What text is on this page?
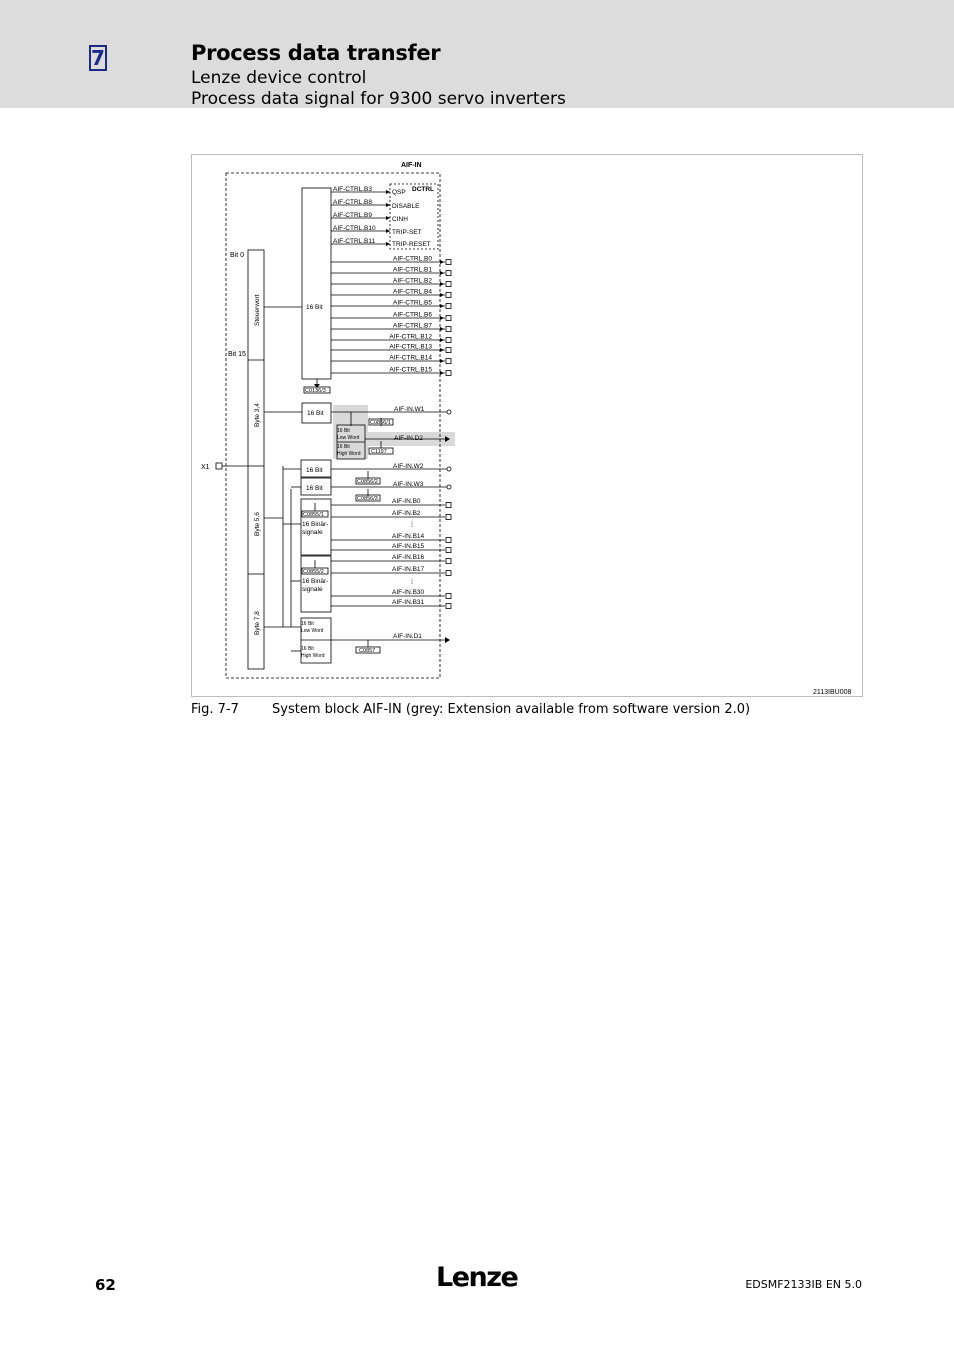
7	Process data transfer
Lenze device control
Process data signal for 9300 servo inverters
AIF-IN
Bit 0
Bit 15
X1
Steuerwort
Byte 3,4
Byte 5,6
Byte 7,8
DCTRL
AIF-CTRL.B3
AIF-CTRL.B8
AIF-CTRL.B9
AIF-CTRL.B10
AIF-CTRL.B11
QSP
DISABLE
CINH
TRIP-SET
TRIP-RESET
16 Bit
C0136/3
16 Bit
AIF-IN.W1
16 Bit
Low Word
16 Bit
High Word
C0856/1
AIF-IN.D2
C1197
16 Bit
16 Bit
AIF-IN.W2
AIF-IN.W3
C0856/2
C0856/3
C0855/1
16 Binär-
signale
C0855/2
16 Binär-
signale
AIF-IN.B0
AIF-IN.B2
⁞
AIF-IN.B14
AIF-IN.B15
AIF-IN.B16
AIF-IN.B17
⁞
AIF-IN.B30
AIF-IN.B31
16 Bit
Low Word
16 Bit
High Word
AIF-IN.D1
C0857
2113IBU008
AIF-CTRL.B0
AIF-CTRL.B1
AIF-CTRL.B2
AIF-CTRL.B4
AIF-CTRL.B5
AIF-CTRL.B6
AIF-CTRL.B7
AIF-CTRL.B12
AIF-CTRL.B13
AIF-CTRL.B14
AIF-CTRL.B15
Fig. 7-7	System block AIF-IN (grey: Extension available from software version 2.0)
62	Lenze	EDSMF2133IB EN 5.0
